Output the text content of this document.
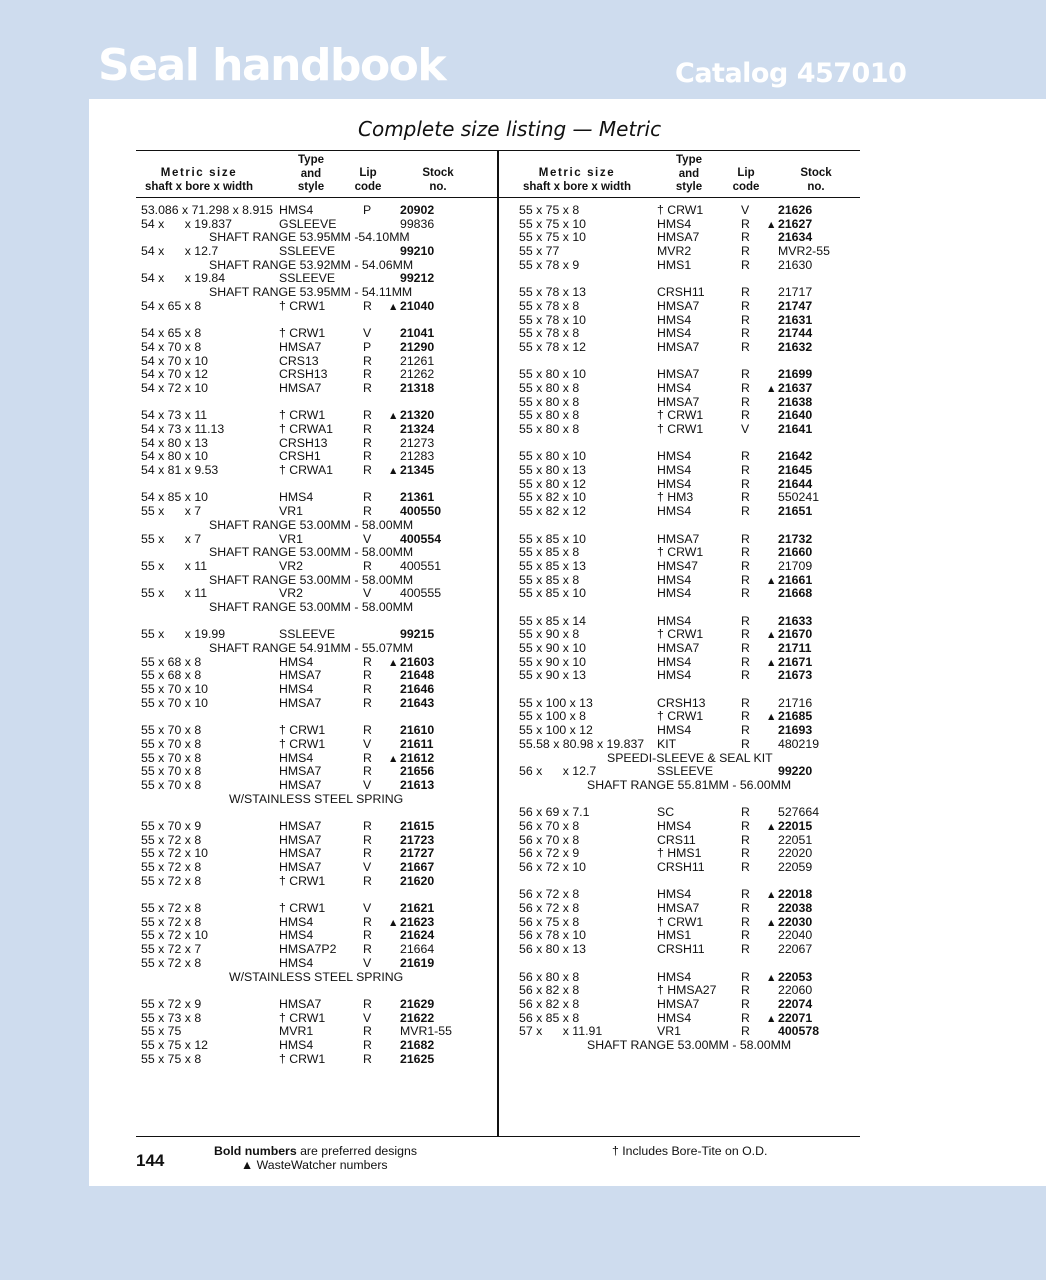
Seal handbook	Catalog 457010
Complete size listing — Metric
Metric size
shaft x bore x width
Type
and
style
Lip
code
Stock
no.
Metric size
shaft x bore x width
Type
and
style
Lip
code
Stock
no.
53.086 x 71.298 x 8.915 HMS4	P	20902
54 x      x 19.837	GSLEEVE	99836
SHAFT RANGE 53.95MM -54.10MM
54 x      x 12.7	SSLEEVE	99210
SHAFT RANGE 53.92MM - 54.06MM
54 x      x 19.84	SSLEEVE	99212
SHAFT RANGE 53.95MM - 54.11MM
54 x 65 x 8	† CRW1	R ▲ 21040
54 x 65 x 8	† CRW1	V	21041
54 x 70 x 8	HMSA7	P	21290
54 x 70 x 10	CRS13	R	21261
54 x 70 x 12	CRSH13	R	21262
54 x 72 x 10	HMSA7	R	21318
54 x 73 x 11	† CRW1	R ▲ 21320
54 x 73 x 11.13	† CRWA1 R	21324
54 x 80 x 13	CRSH13	R	21273
54 x 80 x 10	CRSH1	R	21283
54 x 81 x 9.53	† CRWA1 R ▲ 21345
54 x 85 x 10	HMS4	R	21361
55 x      x 7	VR1	R	400550
SHAFT RANGE 53.00MM - 58.00MM
55 x      x 7	VR1	V	400554
SHAFT RANGE 53.00MM - 58.00MM
55 x      x 11	VR2	R	400551
SHAFT RANGE 53.00MM - 58.00MM
55 x      x 11	VR2	V	400555
SHAFT RANGE 53.00MM - 58.00MM
55 x      x 19.99	SSLEEVE	99215
SHAFT RANGE 54.91MM - 55.07MM
55 x 68 x 8	HMS4	R ▲ 21603
55 x 68 x 8	HMSA7	R	21648
55 x 70 x 10	HMS4	R	21646
55 x 70 x 10	HMSA7	R	21643
55 x 70 x 8	† CRW1	R	21610
55 x 70 x 8	† CRW1	V	21611
55 x 70 x 8	HMS4	R ▲ 21612
55 x 70 x 8	HMSA7	R	21656
55 x 70 x 8	HMSA7	V	21613
W/STAINLESS STEEL SPRING
55 x 70 x 9	HMSA7	R	21615
55 x 72 x 8	HMSA7	R	21723
55 x 72 x 10	HMSA7	R	21727
55 x 72 x 8	HMSA7	V	21667
55 x 72 x 8	† CRW1	R	21620
55 x 72 x 8	† CRW1	V	21621
55 x 72 x 8	HMS4	R ▲ 21623
55 x 72 x 10	HMS4	R	21624
55 x 72 x 7	HMSA7P2 R	21664
55 x 72 x 8	HMS4	V	21619
W/STAINLESS STEEL SPRING
55 x 72 x 9	HMSA7	R	21629
55 x 73 x 8	† CRW1	V	21622
55 x 75	MVR1	R	MVR1-55
55 x 75 x 12	HMS4	R	21682
55 x 75 x 8	† CRW1	R	21625
55 x 75 x 8	† CRW1	V	21626
55 x 75 x 10	HMS4	R ▲ 21627
55 x 75 x 10	HMSA7	R	21634
55 x 77	MVR2	R	MVR2-55
55 x 78 x 9	HMS1	R	21630
55 x 78 x 13	CRSH11	R	21717
55 x 78 x 8	HMSA7	R	21747
55 x 78 x 10	HMS4	R	21631
55 x 78 x 8	HMS4	R	21744
55 x 78 x 12	HMSA7	R	21632
55 x 80 x 10	HMSA7	R	21699
55 x 80 x 8	HMS4	R ▲ 21637
55 x 80 x 8	HMSA7	R	21638
55 x 80 x 8	† CRW1	R	21640
55 x 80 x 8	† CRW1	V	21641
55 x 80 x 10	HMS4	R	21642
55 x 80 x 13	HMS4	R	21645
55 x 80 x 12	HMS4	R	21644
55 x 82 x 10	† HM3	R	550241
55 x 82 x 12	HMS4	R	21651
55 x 85 x 10	HMSA7	R	21732
55 x 85 x 8	† CRW1	R	21660
55 x 85 x 13	HMS47	R	21709
55 x 85 x 8	HMS4	R ▲ 21661
55 x 85 x 10	HMS4	R	21668
55 x 85 x 14	HMS4	R	21633
55 x 90 x 8	† CRW1	R ▲ 21670
55 x 90 x 10	HMSA7	R	21711
55 x 90 x 10	HMS4	R ▲ 21671
55 x 90 x 13	HMS4	R	21673
55 x 100 x 13	CRSH13	R	21716
55 x 100 x 8	† CRW1	R ▲ 21685
55 x 100 x 12	HMS4	R	21693
55.58 x 80.98 x 19.837 KIT	R	480219
SPEEDI-SLEEVE & SEAL KIT
56 x      x 12.7	SSLEEVE	99220
SHAFT RANGE 55.81MM - 56.00MM
56 x 69 x 7.1	SC	R	527664
56 x 70 x 8	HMS4	R ▲ 22015
56 x 70 x 8	CRS11	R	22051
56 x 72 x 9	† HMS1	R	22020
56 x 72 x 10	CRSH11	R	22059
56 x 72 x 8	HMS4	R ▲ 22018
56 x 72 x 8	HMSA7	R	22038
56 x 75 x 8	† CRW1	R ▲ 22030
56 x 78 x 10	HMS1	R	22040
56 x 80 x 13	CRSH11	R	22067
56 x 80 x 8	HMS4	R ▲ 22053
56 x 82 x 8	† HMSA27 R	22060
56 x 82 x 8	HMSA7	R	22074
56 x 85 x 8	HMS4	R ▲ 22071
57 x      x 11.91	VR1	R	400578
SHAFT RANGE 53.00MM - 58.00MM
144	Bold numbers are preferred designs
▲ WasteWatcher numbers
† Includes Bore-Tite on O.D.
